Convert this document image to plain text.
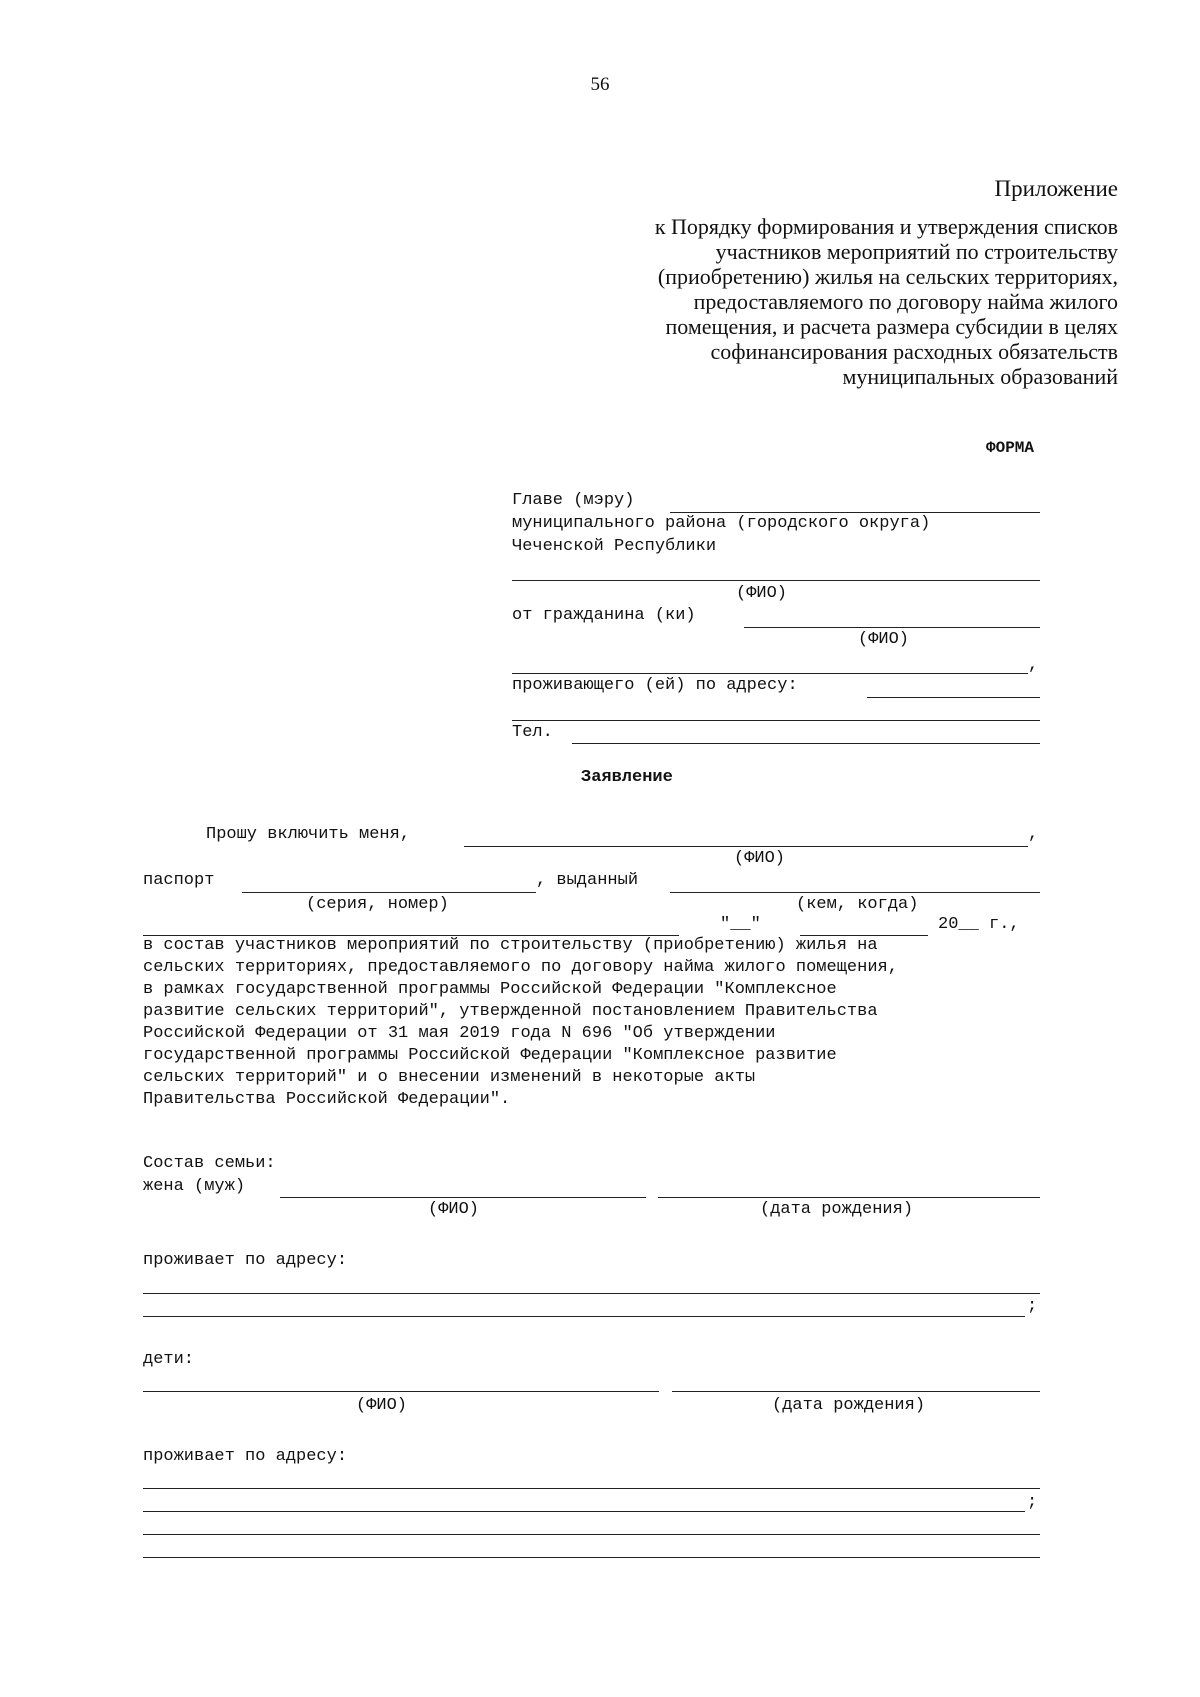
56
Приложение
к Порядку формирования и утверждения списков участников мероприятий по строительству (приобретению) жилья на сельских территориях, предоставляемого по договору найма жилого помещения, и расчета размера субсидии в целях софинансирования расходных обязательств муниципальных образований
ФОРМА
Главе (мэру)
муниципального района (городского округа)
Чеченской Республики
(ФИО)
от гражданина (ки)
(ФИО)
,
проживающего (ей) по адресу:
Тел.
Заявление
Прошу включить меня,	,
(ФИО)
паспорт	, выданный
(серия, номер)	(кем, когда)
"__"	20__ г.,
в состав участников мероприятий по строительству (приобретению) жилья на
сельских территориях, предоставляемого по договору найма жилого помещения,
в рамках государственной программы Российской Федерации "Комплексное
развитие сельских территорий", утвержденной постановлением Правительства
Российской Федерации от 31 мая 2019 года N 696 "Об утверждении
государственной программы Российской Федерации "Комплексное развитие
сельских территорий" и о внесении изменений в некоторые акты
Правительства Российской Федерации".
Состав семьи:
жена (муж)
(ФИО)	(дата рождения)
проживает по адресу:
;
дети:
(ФИО)	(дата рождения)
проживает по адресу:
;
